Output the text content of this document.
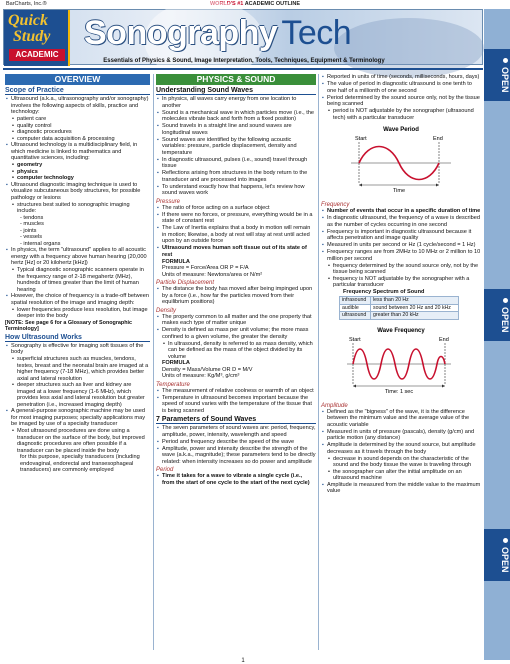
BarCharts, Inc.®	WORLD'S #1 ACADEMIC OUTLINE
Quick
Study
ACADEMIC
Sonography Tech
Essentials of Physics & Sound, Image Interpretation, Tools, Techniques, Equipment & Terminology
OPEN
OPEN
OPEN
OVERVIEW
Scope of Practice
▪ Ultrasound (a.k.a., ultrasonography and/or sonography) involves the following aspects of skills, practice and technology:
• patient care
• quality control
• diagnostic procedures
• computer data acquisition & processing
▪ Ultrasound technology is a multidisciplinary field, in which medicine is linked to mathematics and quantitative sciences, including:
• geometry
• physics
• computer technology
▪ Ultrasound diagnostic imaging technique is used to visualize subcutaneous body structures, for possible pathology or lesions
• structures best suited to sonographic imaging include:
- tendons
- muscles
- joints
- vessels
- internal organs
▪ In physics, the term "ultrasound" applies to all acoustic energy with a frequency above human hearing (20,000 hertz [Hz] or 20 kilohertz [kHz])
• Typical diagnostic sonographic scanners operate in the frequency range of 2-18 megahertz (MHz), hundreds of times greater than the limit of human hearing
▪ However, the choice of frequency is a trade-off between spatial resolution of the image and imaging depth:
• lower frequencies produce less resolution, but image deeper into the body
[NOTE: See page 6 for a Glossary of Sonographic Terminology]
How Ultrasound Works
▪ Sonography is effective for imaging soft tissues of the body
• superficial structures such as muscles, tendons, testes, breast and the neonatal brain are imaged at a higher frequency (7-18 MHz), which provides better axial and lateral resolution
• deeper structures such as liver and kidney are imaged at a lower frequency (1-6 MHz), which provides less axial and lateral resolution but greater penetration (i.e., increased imaging depth)
▪ A general-purpose sonographic machine may be used for most imaging purposes; specialty applications may be imaged by use of a specialty transducer
• Most ultrasound procedures are done using a transducer on the surface of the body, but improved diagnostic procedures are often possible if a transducer can be placed inside the body
for this purpose, specialty transducers (including endovaginal, endorectal and transesophageal transducers) are commonly employed
PHYSICS & SOUND
Understanding Sound Waves
▪ In physics, all waves carry energy from one location to another
▪ Sound is a mechanical wave in which particles move (i.e., the molecules vibrate back and forth from a fixed position)
▪ Sound travels in a straight line and sound waves are longitudinal waves
▪ Sound waves are identified by the following acoustic variables: pressure, particle displacement, density and temperature
▪ In diagnostic ultrasound, pulses (i.e., sound) travel through tissue
▪ Reflections arising from structures in the body return to the transducer and are processed into images
▪ To understand exactly how that happens, let's review how sound waves work
Pressure
▪ The ratio of force acting on a surface object
▪ If there were no forces, or pressure, everything would be in a state of constant rest
▪ The Law of Inertia explains that a body in motion will remain in motion; likewise, a body at rest will stay at rest until acted upon by an outside force
▪ Ultrasound moves human soft tissue out of its state of rest
FORMULA
Pressure = Force/Area OR P = F/A
Units of measure: Newtons/area or N/m²
Particle Displacement
▪ The distance the body has moved after being impinged upon by a force (i.e., how far the particles moved from their equilibrium positions)
Density
▪ The property common to all matter and the one property that makes each type of matter unique
▪ Density is defined as mass per unit volume; the more mass confined to a given volume, the greater the density
• In ultrasound, density is referred to as mass density, which can be defined as the mass of the object divided by its volume
FORMULA
Density = Mass/Volume OR D = M/V
Units of measure: Kg/M³, g/cm³
Temperature
▪ The measurement of relative coolness or warmth of an object
▪ Temperature in ultrasound becomes important because the speed of sound varies with the temperature of the tissue that is being scanned
7 Parameters of Sound Waves
▪ The seven parameters of sound waves are: period, frequency, amplitude, power, intensity, wavelength and speed
▪ Period and frequency describe the speed of the wave
▪ Amplitude, power and intensity describe the strength of the wave (a.k.a., magnitude); these parameters tend to be directly related: when intensity increases so do power and amplitude
Period
▪ Time it takes for a wave to vibrate a single cycle (i.e., from the start of one cycle to the start of the next cycle)
▪ Reported in units of time (seconds, milliseconds, hours, days)
▪ The value of period in diagnostic ultrasound is one tenth to one half of a millionth of one second
▪ Period determined by the sound source only, not by the tissue being scanned
• period is NOT adjustable by the sonographer (ultrasound tech) with a particular transducer
Wave Period
Start	End
Time
Frequency
▪ Number of events that occur in a specific duration of time
▪ In diagnostic ultrasound, the frequency of a wave is described as the number of cycles occurring in one second
▪ Frequency is important in diagnostic ultrasound because it affects penetration and image quality
▪ Measured in units per second or Hz (1 cycle/second = 1 Hz)
▪ Frequency ranges are from 2MHz to 10 MHz or 2 million to 10 million per second
• frequency determined by the sound source only, not by the tissue being scanned
• frequency is NOT adjustable by the sonographer with a particular transducer
Frequency Spectrum of Sound
infrasound	less than 20 Hz
audible	sound between 20 Hz and 20 kHz
ultrasound	greater than 20 kHz
Wave Frequency
Start	End
Time: 1 sec
Amplitude
▪ Defined as the "bigness" of the wave, it is the difference between the minimum value and the average value of the acoustic variable
▪ Measured in units of pressure (pascals), density (g/cm) and particle motion (any distance)
▪ Amplitude is determined by the sound source, but amplitude decreases as it travels through the body
• decrease in sound depends on the characteristic of the sound and the body tissue the wave is traveling through
• the sonographer can alter the initial amplitude on an ultrasound machine
▪ Amplitude is measured from the middle value to the maximum value
1
